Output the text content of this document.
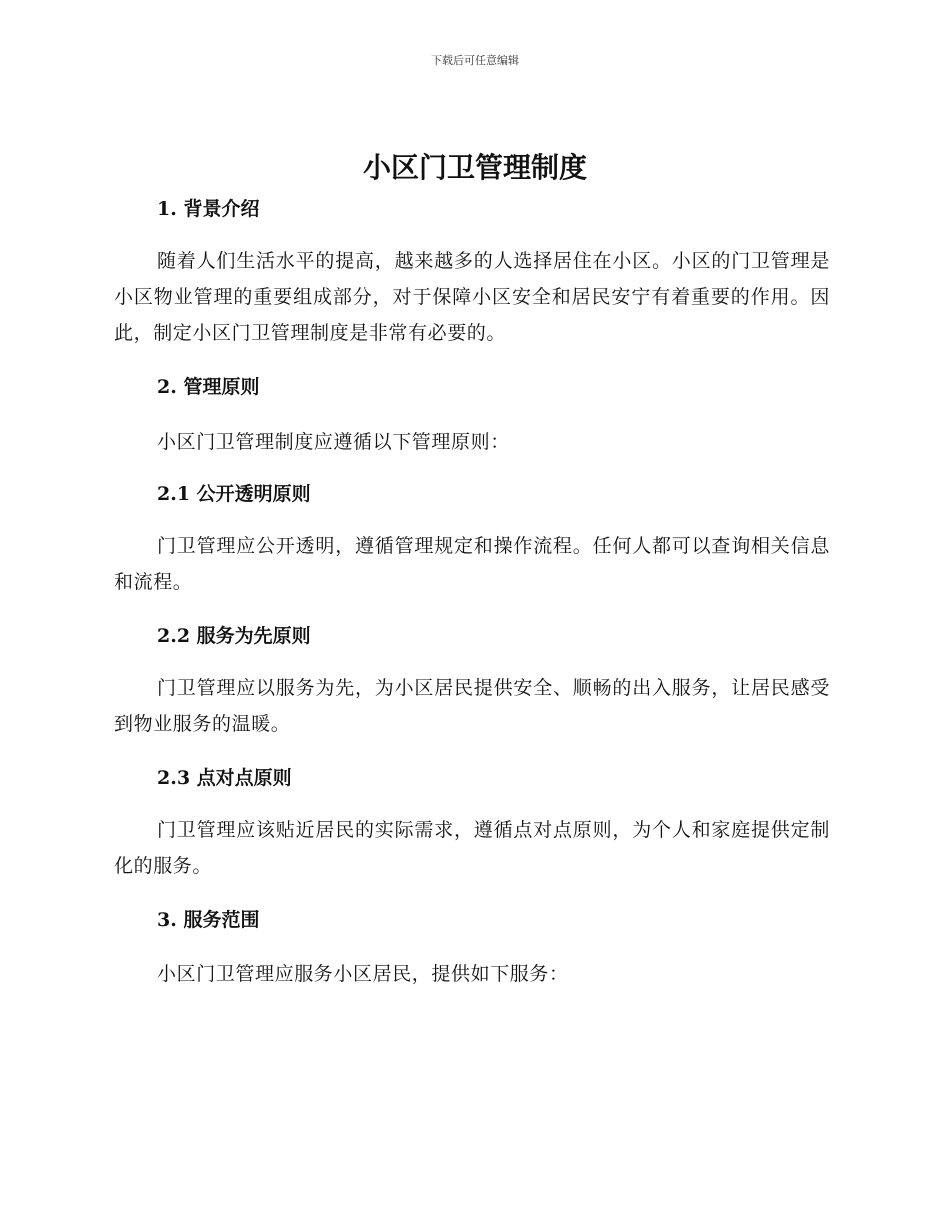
下载后可任意编辑
小区门卫管理制度
1. 背景介绍

随着人们生活水平的提高，越来越多的人选择居住在小区。小区的门卫管理是小区物业管理的重要组成部分，对于保障小区安全和居民安宁有着重要的作用。因此，制定小区门卫管理制度是非常有必要的。

2. 管理原则

小区门卫管理制度应遵循以下管理原则：

2.1 公开透明原则

门卫管理应公开透明，遵循管理规定和操作流程。任何人都可以查询相关信息和流程。

2.2 服务为先原则

门卫管理应以服务为先，为小区居民提供安全、顺畅的出入服务，让居民感受到物业服务的温暖。

2.3 点对点原则

门卫管理应该贴近居民的实际需求，遵循点对点原则，为个人和家庭提供定制化的服务。

3. 服务范围

小区门卫管理应服务小区居民，提供如下服务：
